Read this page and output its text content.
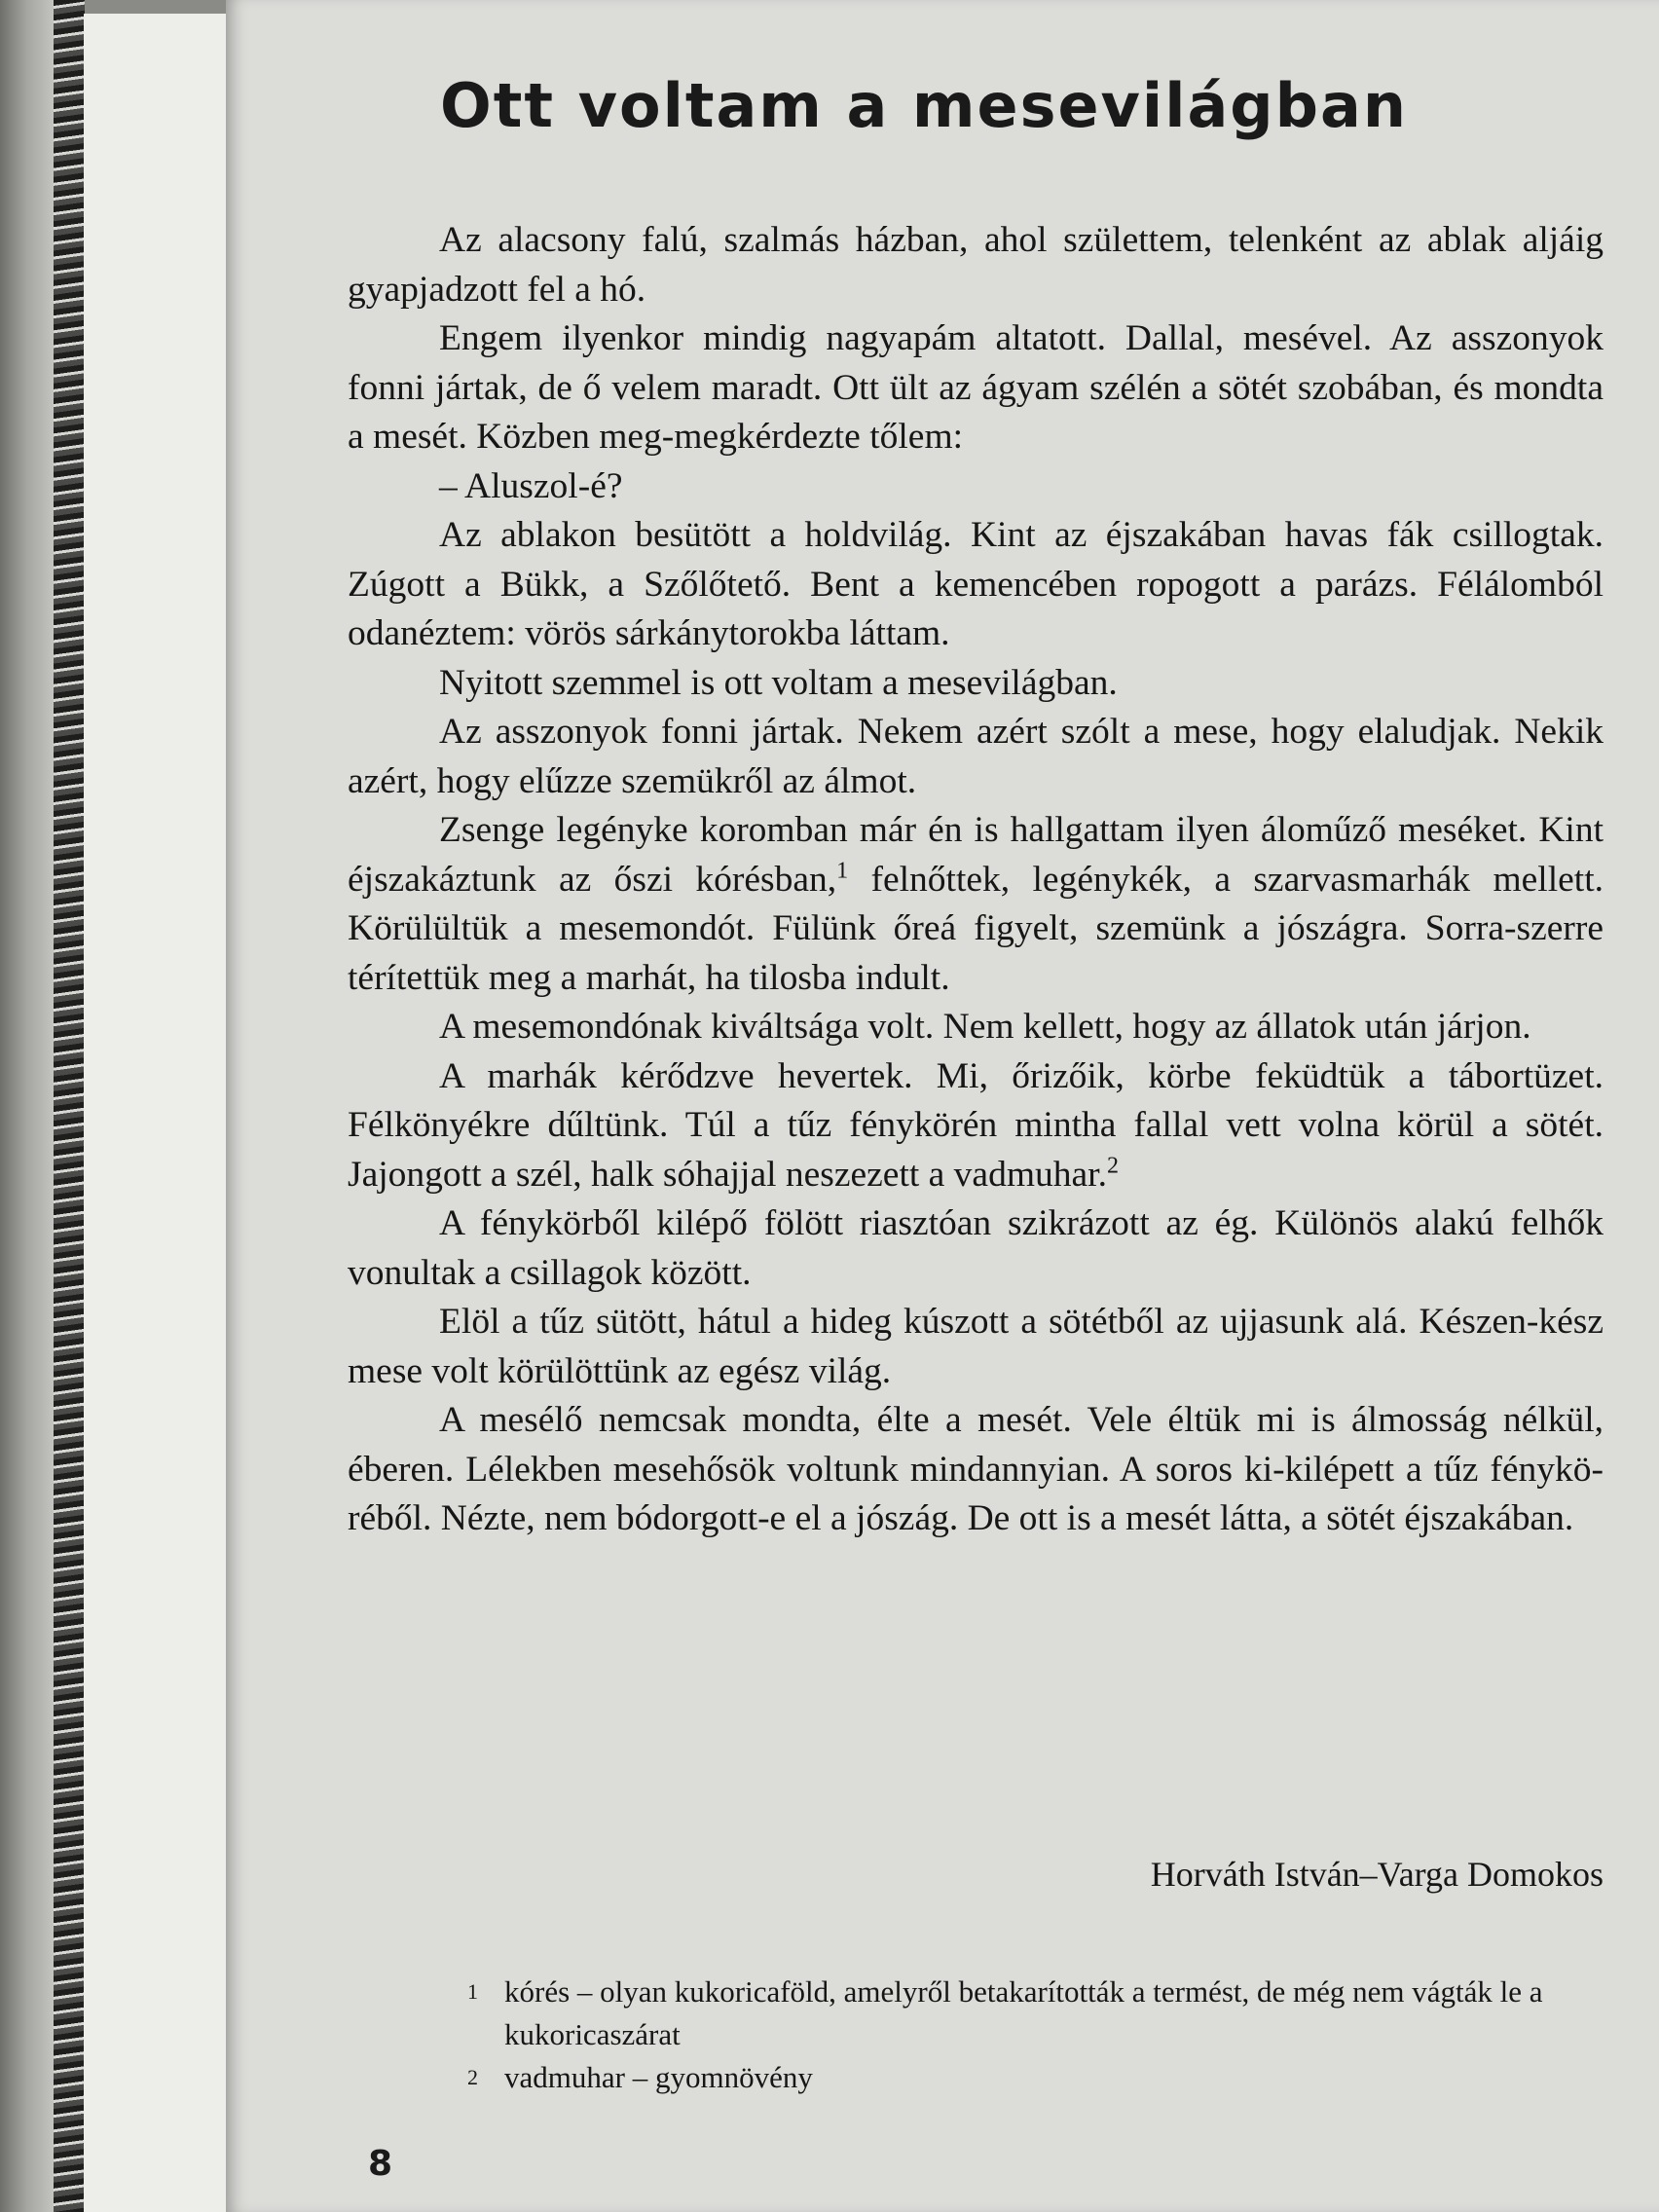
Ott voltam a mesevilágban

Az alacsony falú, szalmás házban, ahol születtem, telenként az ablak aljáig gyapjadzott fel a hó.

Engem ilyenkor mindig nagyapám altatott. Dallal, mesével. Az asszonyok fonni jártak, de ő velem maradt. Ott ült az ágyam szélén a sötét szobában, és mondta a mesét. Közben meg-megkérdezte tőlem:

– Aluszol-é?

Az ablakon besütött a holdvilág. Kint az éjszakában havas fák csillogtak. Zúgott a Bükk, a Szőlőtető. Bent a kemencében ropogott a parázs. Félálomból odanéztem: vörös sárkánytorokba láttam.

Nyitott szemmel is ott voltam a mesevilágban.

Az asszonyok fonni jártak. Nekem azért szólt a mese, hogy elaludjak. Nekik azért, hogy elűzze szemükről az álmot.

Zsenge legényke koromban már én is hallgattam ilyen áloműző meséket. Kint éjszakáztunk az őszi kórésban,$^1$ felnőttek, legénykék, a szarvasmarhák mellett. Körülültük a mesemondót. Fülünk őreá figyelt, szemünk a jószágra. Sorra-szerre térítettük meg a marhát, ha tilosba indult.

A mesemondónak kiváltsága volt. Nem kellett, hogy az állatok után járjon.

A marhák kérődzve hevertek. Mi, őrizőik, körbe feküdtük a tábortüzet. Félkönyékre dűltünk. Túl a tűz fénykörén mintha fallal vett volna körül a sötét. Jajongott a szél, halk sóhajjal neszezett a vadmuhar.$^2$

A fénykörből kilépő fölött riasztóan szikrázott az ég. Különös alakú felhők vonultak a csillagok között.

Elöl a tűz sütött, hátul a hideg kúszott a sötétből az ujjasunk alá. Készen-kész mese volt körülöttünk az egész világ.

A mesélő nemcsak mondta, élte a mesét. Vele éltük mi is álmosság nélkül, éberen. Lélekben mesehősök voltunk mindannyian. A soros ki-kilépett a tűz fényköréből. Nézte, nem bódorgott-e el a jószág. De ott is a mesét látta, a sötét éjszakában.

Horváth István–Varga Domokos
1 kórés – olyan kukoricaföld, amelyről betakarították a termést, de még nem vágták le a kukoricaszárat
2 vadmuhar – gyomnövény
8
